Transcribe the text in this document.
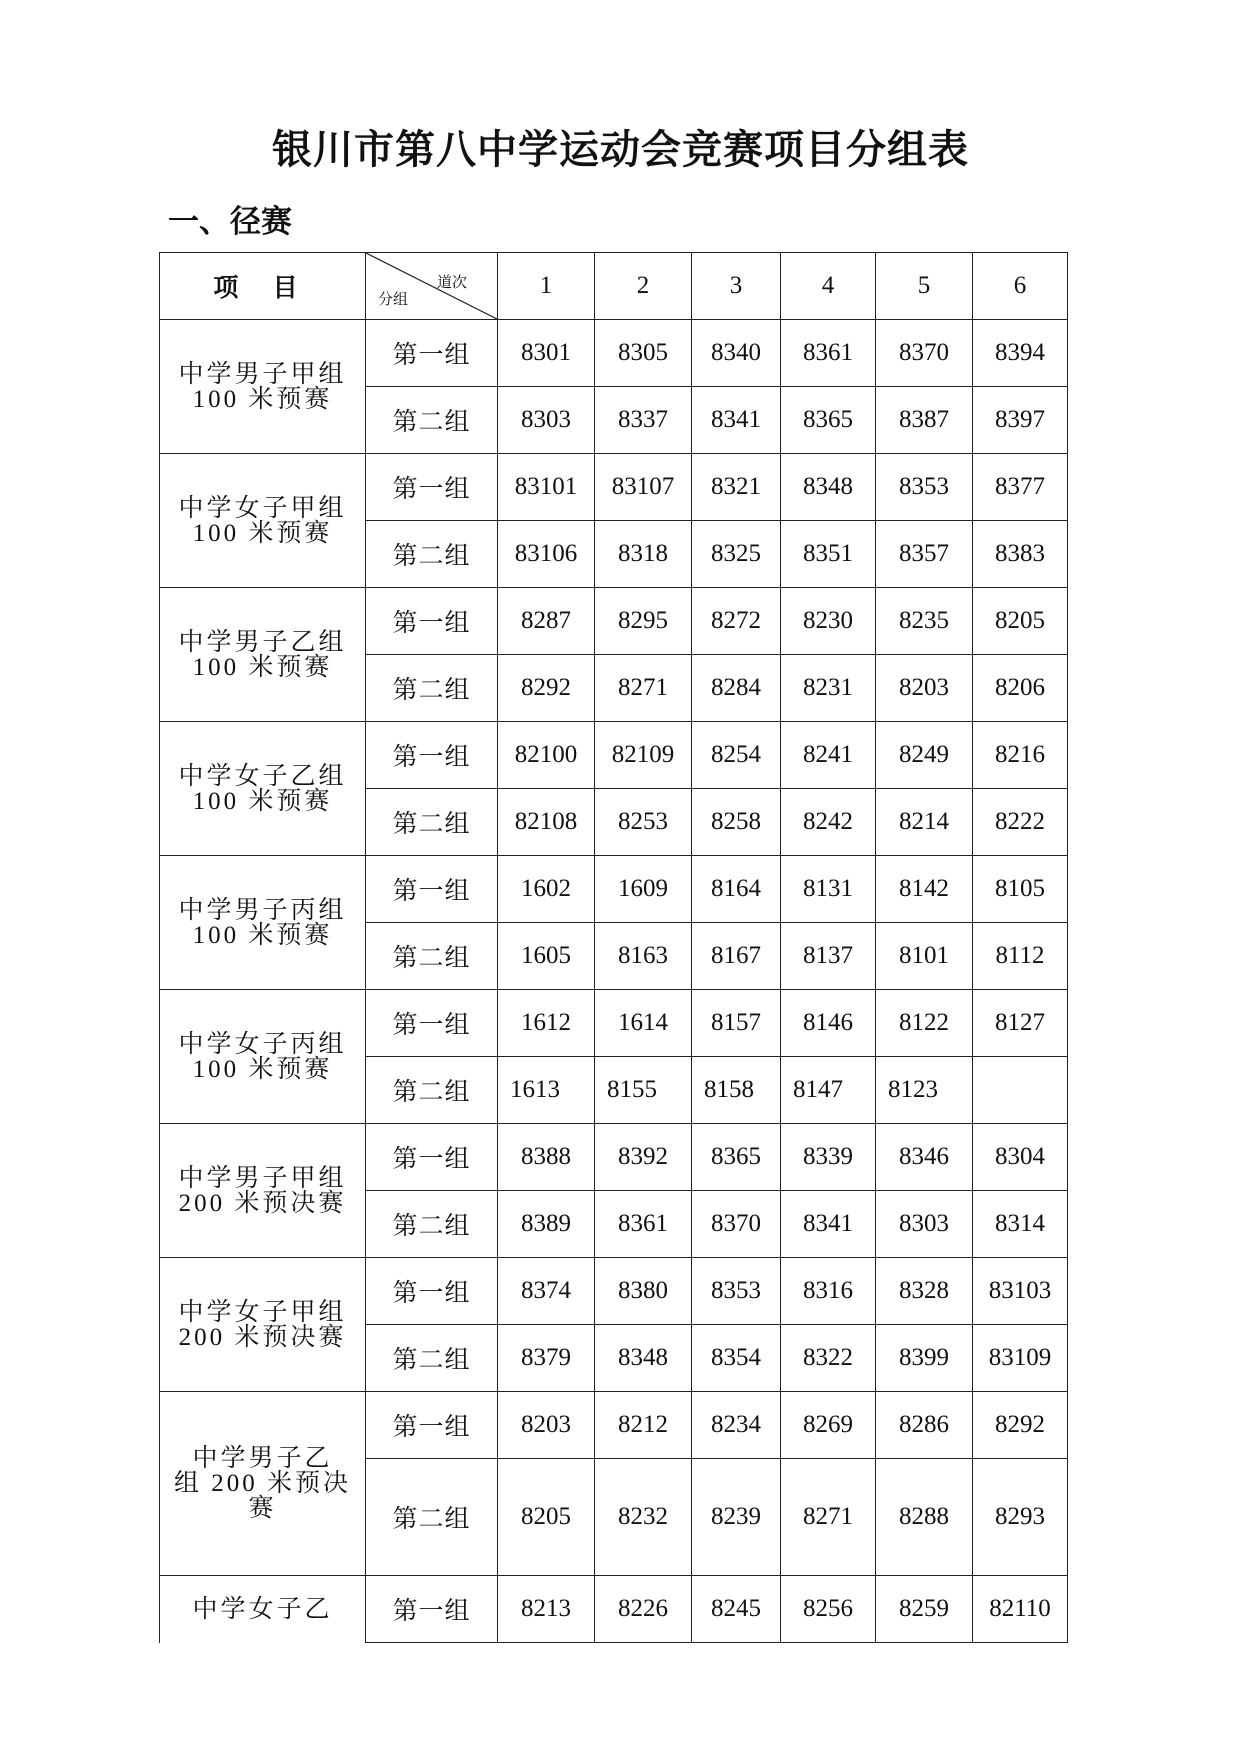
银川市第八中学运动会竞赛项目分组表
一、径赛
项 目	道次
分组	1	2	3	4	5	6

中学男子甲组
100 米预赛	第一组	8301	8305	8340	8361	8370	8394
	第二组	8303	8337	8341	8365	8387	8397

中学女子甲组
100 米预赛	第一组	83101	83107	8321	8348	8353	8377
	第二组	83106	8318	8325	8351	8357	8383

中学男子乙组
100 米预赛	第一组	8287	8295	8272	8230	8235	8205
	第二组	8292	8271	8284	8231	8203	8206

中学女子乙组
100 米预赛	第一组	82100	82109	8254	8241	8249	8216
	第二组	82108	8253	8258	8242	8214	8222

中学男子丙组
100 米预赛	第一组	1602	1609	8164	8131	8142	8105
	第二组	1605	8163	8167	8137	8101	8112

中学女子丙组
100 米预赛	第一组	1612	1614	8157	8146	8122	8127
	第二组	1613	8155	8158	8147	8123	

中学男子甲组
200 米预决赛	第一组	8388	8392	8365	8339	8346	8304
	第二组	8389	8361	8370	8341	8303	8314

中学女子甲组
200 米预决赛	第一组	8374	8380	8353	8316	8328	83103
	第二组	8379	8348	8354	8322	8399	83109

中学男子乙
组 200 米预决
赛	第一组	8203	8212	8234	8269	8286	8292
	第二组	8205	8232	8239	8271	8288	8293

中学女子乙	第一组	8213	8226	8245	8256	8259	82110
